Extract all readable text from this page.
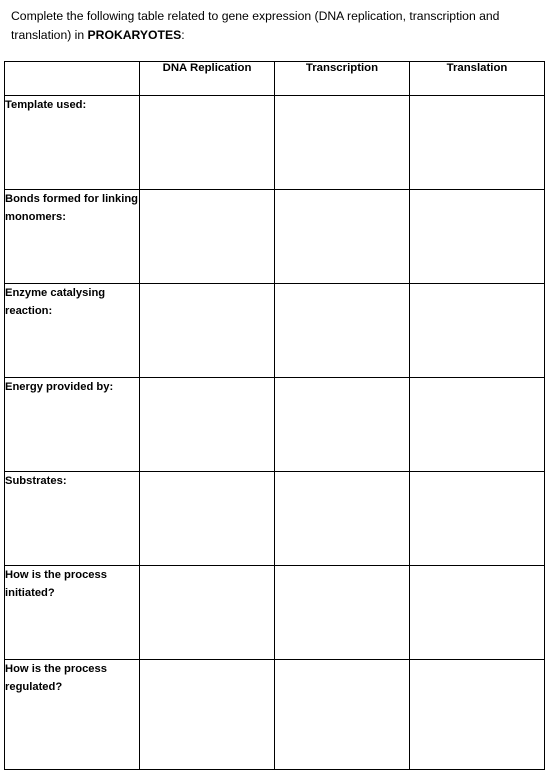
Complete the following table related to gene expression (DNA replication, transcription and translation) in PROKARYOTES:
	DNA Replication	Transcription	Translation
Template used:			
Bonds formed for linking monomers:			
Enzyme catalysing reaction:			
Energy provided by:			
Substrates:			
How is the process initiated?			
How is the process regulated?			
